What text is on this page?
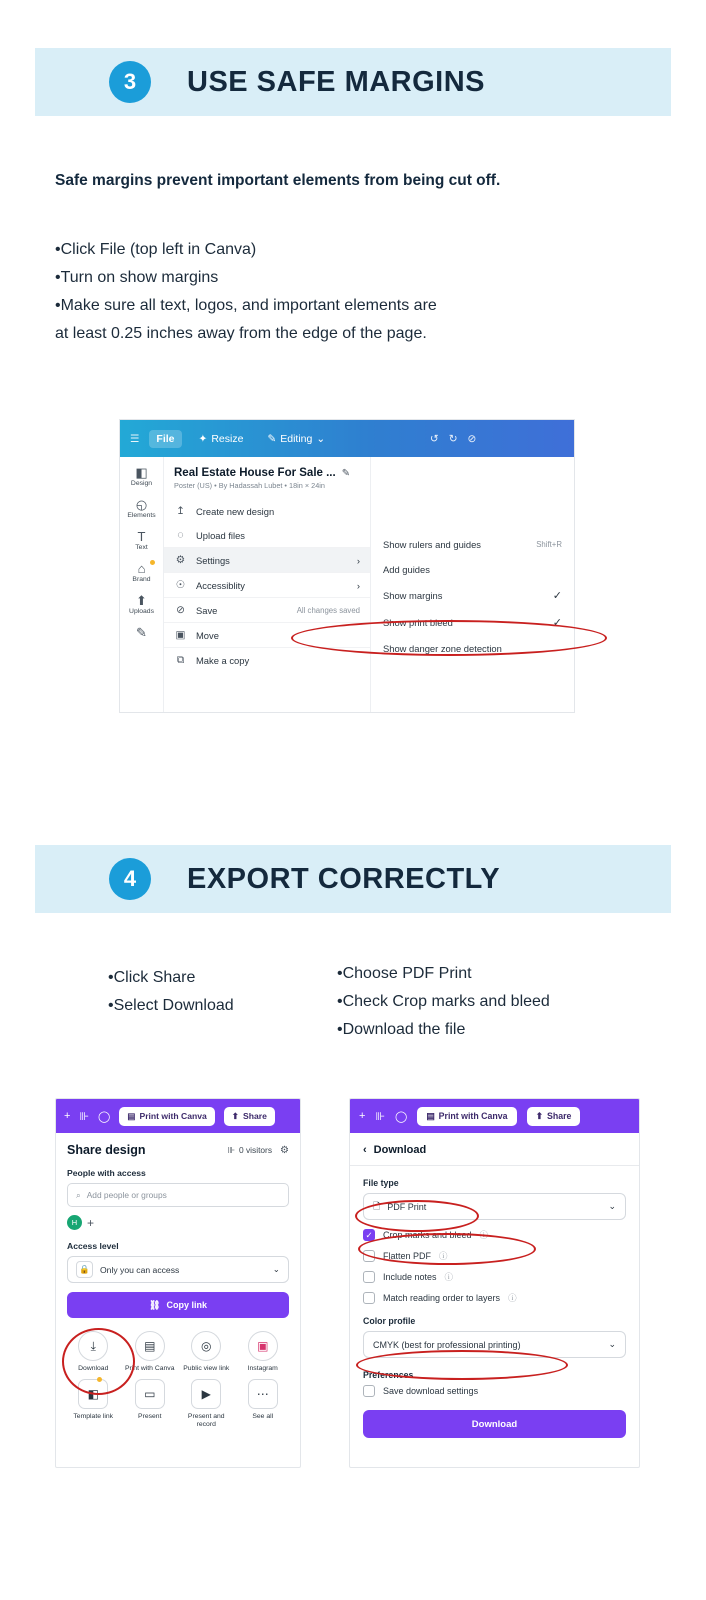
3	USE SAFE MARGINS
Safe margins prevent important elements from being cut off.
•Click File (top left in Canva)
•Turn on show margins
•Make sure all text, logos, and important elements are
at least 0.25 inches away from the edge of the page.
☰	File	✦ Resize ✎ Editing ⌄	↺ ↻ ⊘
◧
Design
◵
Elements
T
Text
⌂
Brand
⬆
Uploads
✎
Real Estate House For Sale ... ✎
Poster (US) • By Hadassah Lubet • 18in × 24in
↥ Create new design
◌	Upload files
⚙ Settings	›
☉ Accessiblity	›
⊘ Save	All changes saved
▣ Move
⧉ Make a copy
Show rulers and guides	Shift+R
Add guides
Show margins	✓
Show print bleed	✓
Show danger zone detection
4	EXPORT CORRECTLY
•Click Share
•Select Download
•Choose PDF Print
•Check Crop marks and bleed
•Download the file
+ ⊪ ◯ ▤ Print with Canva	⬆ Share
Share design	⊪ 0 visitors ⚙
People with access
⌕ Add people or groups
H +
Access level
🔒	Only you can access	⌄
⛓ Copy link
⤓
Download
▤
Print with Canva
◎
Public view link
▣
Instagram
◧
Template link
▭
Present
▶
Present and record
⋯
See all
+ ⊪ ◯ ▤ Print with Canva	⬆ Share
‹ Download
File type
🗋 PDF Print	⌄
✓ Crop marks and bleed ⓘ
Flatten PDF ⓘ
Include notes ⓘ
Match reading order to layers ⓘ
Color profile
CMYK (best for professional printing)	⌄
Preferences
Save download settings
Download
